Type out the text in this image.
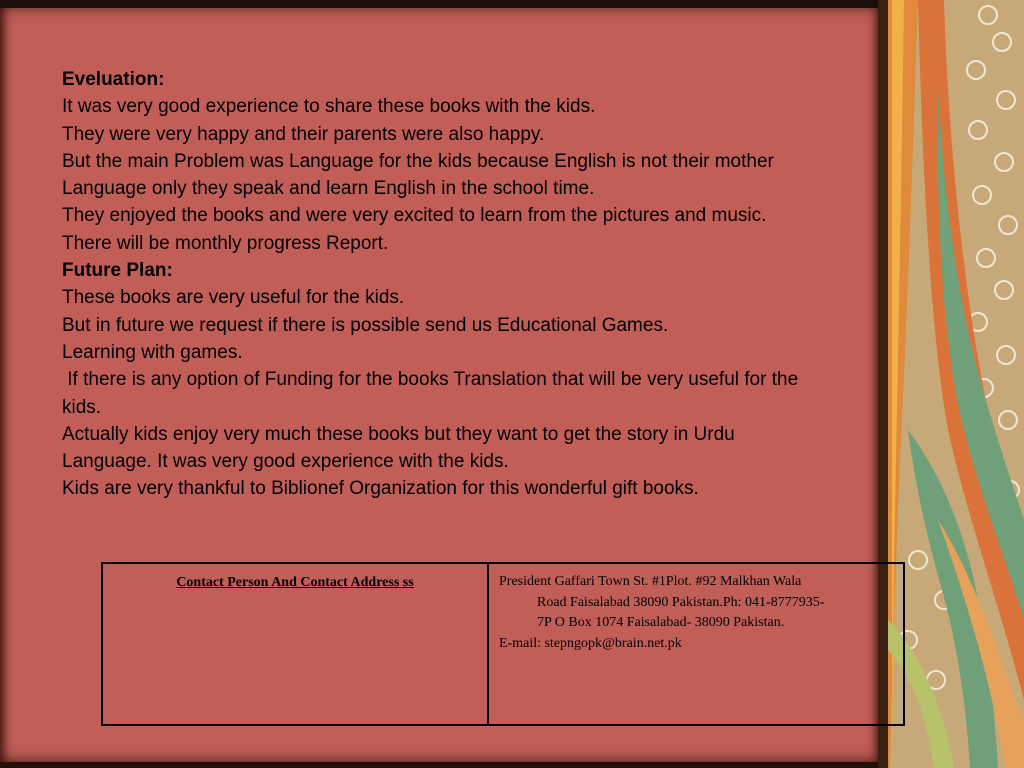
Eveluation:
It was very good experience to share these books with the kids.
They were very happy and their parents were also happy.
But the main Problem was Language for the kids because English is not their mother
Language only they speak and learn English in the school time.
They enjoyed the books and were very excited to learn from the pictures and music.
There will be monthly progress Report.
Future Plan:
These books are very useful for the kids.
But in future we request if there is possible send us Educational Games.
Learning with games.
If there is any option of Funding for the books Translation that will be very useful for the
kids.
Actually kids enjoy very much these books but they want to get the story in Urdu
Language. It was very good experience with the kids.
Kids are very thankful to Biblionef Organization for this wonderful gift books.
Contact Person And Contact Address ss	President Gaffari Town St. #1Plot. #92 Malkhan Wala
Road Faisalabad 38090 Pakistan.Ph: 041-8777935-
7P O Box 1074 Faisalabad- 38090 Pakistan.
E-mail: stepngopk@brain.net.pk
